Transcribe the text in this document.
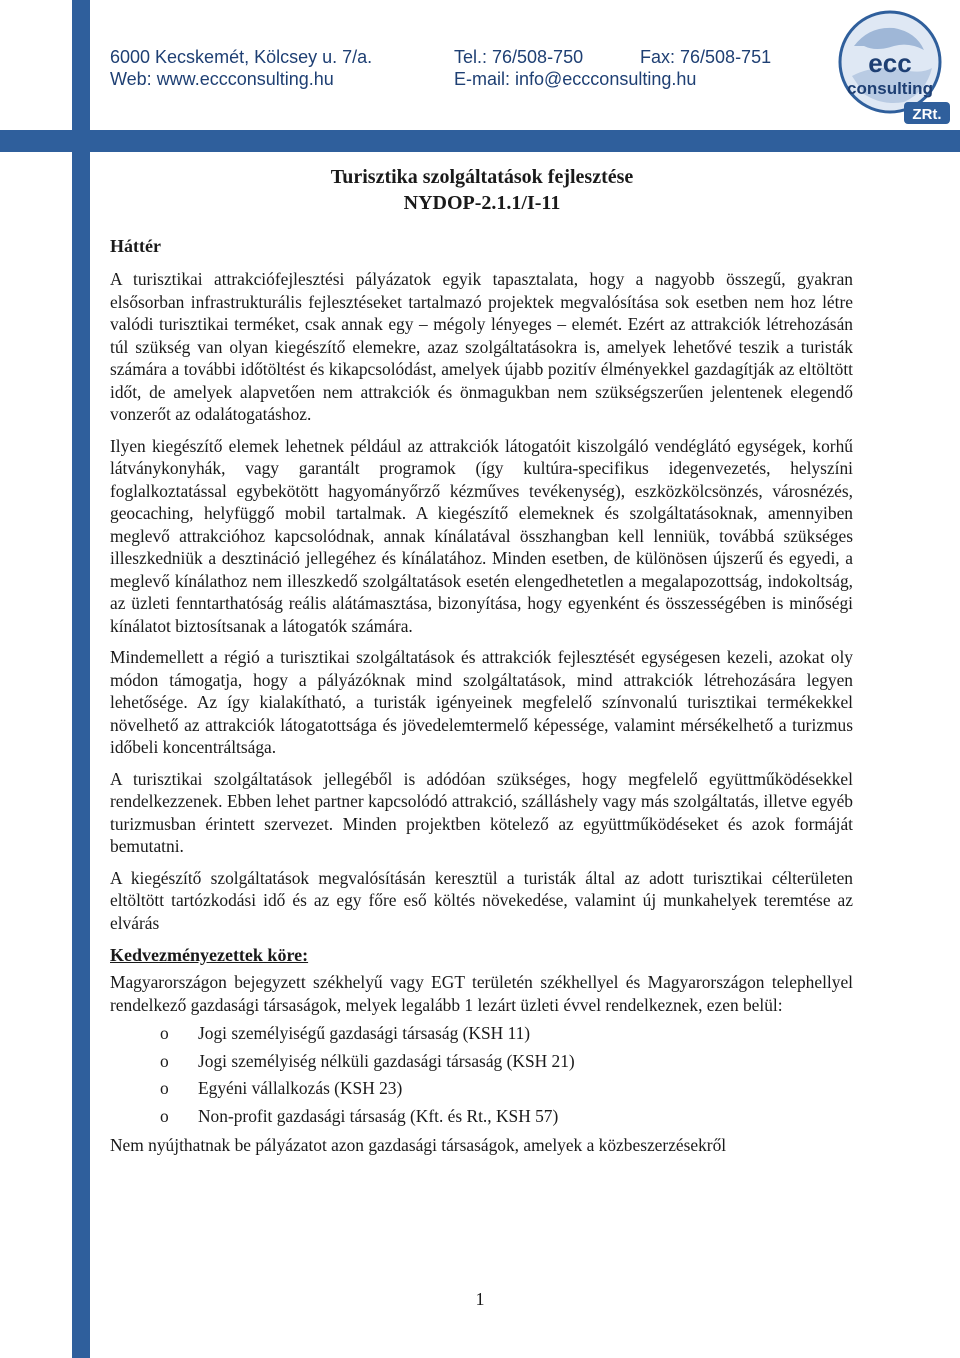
6000 Kecskemét, Kölcsey u. 7/a.	Tel.: 76/508-750	Fax: 76/508-751
Web: www.eccconsulting.hu	E-mail: info@eccconsulting.hu
ecc
consulting
ZRt.
Turisztika szolgáltatások fejlesztése
NYDOP-2.1.1/I-11
Háttér

A turisztikai attrakciófejlesztési pályázatok egyik tapasztalata, hogy a nagyobb összegű, gyakran elsősorban infrastrukturális fejlesztéseket tartalmazó projektek megvalósítása sok esetben nem hoz létre valódi turisztikai terméket, csak annak egy – mégoly lényeges – elemét. Ezért az attrakciók létrehozásán túl szükség van olyan kiegészítő elemekre, azaz szolgáltatásokra is, amelyek lehetővé teszik a turisták számára a további időtöltést és kikapcsolódást, amelyek újabb pozitív élményekkel gazdagítják az eltöltött időt, de amelyek alapvetően nem attrakciók és önmagukban nem szükségszerűen jelentenek elegendő vonzerőt az odalátogatáshoz.

Ilyen kiegészítő elemek lehetnek például az attrakciók látogatóit kiszolgáló vendéglátó egységek, korhű látványkonyhák, vagy garantált programok (így kultúra-specifikus idegenvezetés, helyszíni foglalkoztatással egybekötött hagyományőrző kézműves tevékenység), eszközkölcsönzés, városnézés, geocaching, helyfüggő mobil tartalmak. A kiegészítő elemeknek és szolgáltatásoknak, amennyiben meglevő attrakcióhoz kapcsolódnak, annak kínálatával összhangban kell lenniük, továbbá szükséges illeszkedniük a desztináció jellegéhez és kínálatához. Minden esetben, de különösen újszerű és egyedi, a meglevő kínálathoz nem illeszkedő szolgáltatások esetén elengedhetetlen a megalapozottság, indokoltság, az üzleti fenntarthatóság reális alátámasztása, bizonyítása, hogy egyenként és összességében is minőségi kínálatot biztosítsanak a látogatók számára.

Mindemellett a régió a turisztikai szolgáltatások és attrakciók fejlesztését egységesen kezeli, azokat oly módon támogatja, hogy a pályázóknak mind szolgáltatások, mind attrakciók létrehozására legyen lehetősége. Az így kialakítható, a turisták igényeinek megfelelő színvonalú turisztikai termékekkel növelhető az attrakciók látogatottsága és jövedelemtermelő képessége, valamint mérsékelhető a turizmus időbeli koncentráltsága.

A turisztikai szolgáltatások jellegéből is adódóan szükséges, hogy megfelelő együttműködésekkel rendelkezzenek. Ebben lehet partner kapcsolódó attrakció, szálláshely vagy más szolgáltatás, illetve egyéb turizmusban érintett szervezet. Minden projektben kötelező az együttműködéseket és azok formáját bemutatni.

A kiegészítő szolgáltatások megvalósításán keresztül a turisták által az adott turisztikai célterületen eltöltött tartózkodási idő és az egy főre eső költés növekedése, valamint új munkahelyek teremtése az elvárás

Kedvezményezettek köre:

Magyarországon bejegyzett székhelyű vagy EGT területén székhellyel és Magyarországon telephellyel rendelkező gazdasági társaságok, melyek legalább 1 lezárt üzleti évvel rendelkeznek, ezen belül:

o Jogi személyiségű gazdasági társaság (KSH 11)
o Jogi személyiség nélküli gazdasági társaság (KSH 21)
o Egyéni vállalkozás (KSH 23)
o Non-profit gazdasági társaság (Kft. és Rt., KSH 57)

Nem nyújthatnak be pályázatot azon gazdasági társaságok, amelyek a közbeszerzésekről

1
